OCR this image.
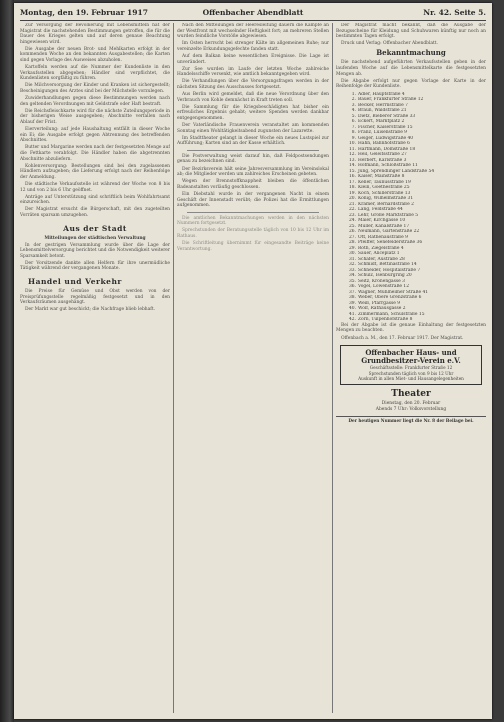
Montag, den 19. Februar 1917	Offenbacher Abendblatt	Nr. 42. Seite 5.

Zur Versorgung der Bevölkerung mit Lebensmitteln hat der Magistrat die nachstehenden Bestimmungen getroffen, die für die Dauer des Krieges gelten und auf deren genaue Beachtung hingewiesen wird.

Die Ausgabe der neuen Brot- und Mehlkarten erfolgt in der kommenden Woche an den bekannten Ausgabestellen; die Karten sind gegen Vorlage des Ausweises abzuholen.

Kartoffeln werden auf die Nummer der Kundenliste in den Verkaufsstellen abgegeben; Händler sind verpflichtet, die Kundenlisten sorgfältig zu führen.

Die Milchversorgung der Kinder und Kranken ist sichergestellt; Bescheinigungen des Arztes sind bei der Milchstelle vorzulegen.

Zuwiderhandlungen gegen diese Bestimmungen werden nach den geltenden Verordnungen mit Geldstrafe oder Haft bestraft.

Die Reichsfleischkarte wird für die nächste Zuteilungsperiode in der bisherigen Weise ausgegeben; Abschnitte verfallen nach Ablauf der Frist.

Eierverteilung: auf jede Haushaltung entfällt in dieser Woche ein Ei; die Ausgabe erfolgt gegen Abtrennung des betreffenden Abschnittes.

Butter und Margarine werden nach der festgesetzten Menge auf die Fettkarte verabfolgt. Die Händler haben die abgetrennten Abschnitte abzuliefern.

Kohlenversorgung: Bestellungen sind bei den zugelassenen Händlern aufzugeben; die Lieferung erfolgt nach der Reihenfolge der Anmeldung.

Die städtische Verkaufsstelle ist während der Woche von 8 bis 12 und von 2 bis 6 Uhr geöffnet.

Anträge auf Unterstützung sind schriftlich beim Wohlfahrtsamt einzureichen.

Der Magistrat ersucht die Bürgerschaft, mit den zugeteilten Vorräten sparsam umzugehen.

Aus der Stadt
Mitteilungen der städtischen Verwaltung

In der gestrigen Versammlung wurde über die Lage der Lebensmittelversorgung berichtet und die Notwendigkeit weiterer Sparsamkeit betont.

Der Vorsitzende dankte allen Helfern für ihre unermüdliche Tätigkeit während der vergangenen Monate.

Handel und Verkehr

Die Preise für Gemüse und Obst werden von der Preisprüfungsstelle regelmäßig festgesetzt und in den Verkaufsräumen ausgehängt.

Der Markt war gut beschickt; die Nachfrage blieb lebhaft.

Nach den Mitteilungen der Heeresleitung dauern die Kämpfe an der Westfront mit wechselnder Heftigkeit fort; an mehreren Stellen wurden feindliche Vorstöße abgewiesen.

Im Osten herrscht bei strenger Kälte im allgemeinen Ruhe; nur vereinzelte Erkundungsgefechte fanden statt.

Auf dem Balkan keine wesentlichen Ereignisse. Die Lage ist unverändert.

Zur See wurden im Laufe der letzten Woche zahlreiche Handelsschiffe versenkt, wie amtlich bekanntgegeben wird.

Die Verhandlungen über die Versorgungsfragen werden in der nächsten Sitzung des Ausschusses fortgesetzt.

Aus Berlin wird gemeldet, daß die neue Verordnung über den Verbrauch von Kohle demnächst in Kraft treten soll.

Die Sammlung für die Kriegsbeschädigten hat bisher ein erfreuliches Ergebnis gehabt; weitere Spenden werden dankbar entgegengenommen.

Der Vaterländische Frauenverein veranstaltet am kommenden Sonntag einen Wohltätigkeitsabend zugunsten der Lazarette.

Im Stadttheater gelangt in dieser Woche ein neues Lustspiel zur Aufführung; Karten sind an der Kasse erhältlich.

Die Postverwaltung weist darauf hin, daß Feldpostsendungen genau zu bezeichnen sind.

Der Bezirksverein hält seine Jahresversammlung im Vereinslokal ab; die Mitglieder werden um zahlreiches Erscheinen gebeten.

Wegen der Brennstoffknappheit bleiben die öffentlichen Badeanstalten vorläufig geschlossen.

Ein Diebstahl wurde in der vergangenen Nacht in einem Geschäft der Innenstadt verübt; die Polizei hat die Ermittlungen aufgenommen.

Die amtlichen Bekanntmachungen werden in den nächsten Nummern fortgesetzt.

Sprechstunden der Beratungsstelle täglich von 10 bis 12 Uhr im Rathaus.

Die Schriftleitung übernimmt für eingesandte Beiträge keine Verantwortung.

Der Magistrat macht bekannt, daß die Ausgabe der Bezugsscheine für Kleidung und Schuhwaren künftig nur noch an bestimmten Tagen erfolgt.

Druck und Verlag: Offenbacher Abendblatt.

Bekanntmachung

Die nachstehend aufgeführten Verkaufsstellen geben in der laufenden Woche auf die Lebensmittelkarte die festgesetzten Mengen ab.

Die Abgabe erfolgt nur gegen Vorlage der Karte in der Reihenfolge der Kundenliste.

1. Adler, Hauptstraße 4
2. Bauer, Frankfurter Straße 12
3. Becker, Herrnstraße 7
4. Braun, Waldstraße 21
5. Dietz, Bieberer Straße 33
6. Eckert, Marktplatz 2
7. Fischer, Kaiserstraße 15
8. Franz, Luisenstraße 9
9. Geiger, Ludwigstraße 40
10. Hahn, Bahnhofstraße 6
11. Hartmann, Domstraße 18
12. Heil, Geleitsstraße 27
13. Herbert, Karlstraße 3
14. Hofmann, Schloßstraße 11
15. Jung, Sprendlinger Landstraße 54
16. Kaiser, Mainstraße 8
17. Keller, Taunusstraße 19
18. Klein, Goethestraße 25
19. Koch, Schillerstraße 13
20. König, Wilhelmstraße 31
21. Krämer, Bernardstraße 2
22. Lang, Feldstraße 44
23. Lehr, Große Marktstraße 5
24. Maier, Kirchgasse 10
25. Müller, Kanalstraße 17
26. Neumann, Gartenstraße 22
27. Ott, Rathenaustraße 9
28. Pfeiffer, Senefelderstraße 36
29. Roth, Ziegelstraße 4
30. Sauer, Aliceplatz 1
31. Schäfer, Austraße 28
32. Schmidt, Bettinastraße 14
33. Schneider, Hospitalstraße 7
34. Schulz, Isenburgring 20
35. Seitz, Kronengasse 3
36. Vogel, Löwenstraße 12
37. Wagner, Mühlheimer Straße 41
38. Weber, Obere Grenzstraße 6
39. Weiß, Pfarrgasse 9
40. Wolf, Rathausgasse 2
41. Zimmermann, Schulstraße 15
42. Zorn, Tulpenhofstraße 8

Bei der Abgabe ist die genaue Einhaltung der festgesetzten Mengen zu beachten.

Offenbach a. M., den 17. Februar 1917. Der Magistrat.

Offenbacher Haus- und Grundbesitzer-Verein e.V.
Geschäftsstelle: Frankfurter Straße 12
Sprechstunden täglich von 9 bis 12 Uhr
Auskunft in allen Miet- und Hausangelegenheiten
Theater
Dienstag, den 20. Februar
Abends 7 Uhr: Volksvorstellung
Der heutigen Nummer liegt die Nr. 8 der Beilage bei.
